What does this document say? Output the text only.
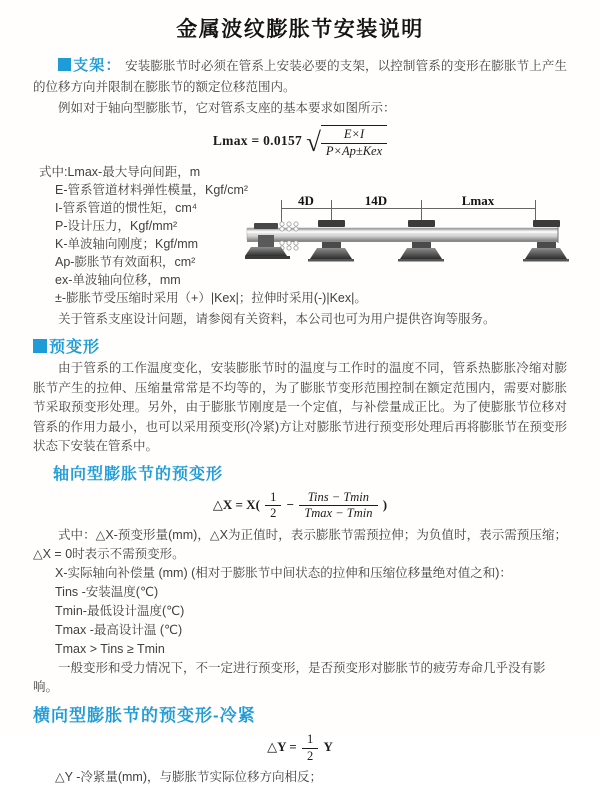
金属波纹膨胀节安装说明

支架： 安装膨胀节时必须在管系上安装必要的支架，以控制管系的变形在膨胀节上产生的位移方向并限制在膨胀节的额定位移范围内。

例如对于轴向型膨胀节，它对管系支座的基本要求如图所示：

Lmax = 0.0157 √ $\frac{E\times I}{\text{P×Ap±Kex}}$
式中:Lmax-最大导向间距，m
E-管系管道材料弹性模量，Kgf/cm²
I-管系管道的惯性矩，cm⁴
P-设计压力，Kgf/mm²
K-单波轴向刚度；Kgf/mm
Ap-膨胀节有效面积，cm²
ex-单波轴向位移，mm
±-膨胀节受压缩时采用（+）|Kex|；拉伸时采用(-)|Kex|。

关于管系支座设计问题，请参阅有关资料，本公司也可为用户提供咨询等服务。

4D	14D	Lmax
预变形

由于管系的工作温度变化，安装膨胀节时的温度与工作时的温度不同，管系热膨胀冷缩对膨胀节产生的拉伸、压缩量常常是不均等的，为了膨胀节变形范围控制在额定范围内，需要对膨胀节采取预变形处理。另外，由于膨胀节刚度是一个定值，与补偿量成正比。为了使膨胀节位移对管系的作用力最小，也可以采用预变形(冷紧)方让对膨胀节进行预变形处理后再将膨胀节在预变形状态下安装在管系中。

轴向型膨胀节的预变形
△X = $X( \frac{1}{2} - \frac{\text{Tins − Tmin}}{Tmax - Tmin}$ )

式中：△X-预变形量(mm)，△X为正值时，表示膨胀节需预拉伸；为负值时，表示需预压缩；△X = 0时表示不需预变形。

X-实际轴向补偿量 (mm) (相对于膨胀节中间状态的拉伸和压缩位移量绝对值之和)：

Tins -安装温度(℃)
Tmin-最低设计温度(℃)
Tmax -最高设计温 (℃)
Tmax > Tins ≥ Tmin
一般变形和受力情况下，不一定进行预变形，是否预变形对膨胀节的疲劳寿命几乎没有影响。
横向型膨胀节的预变形-冷紧
△Y = $\frac{1}{2}$ Y

△Y -冷紧量(mm)，与膨胀节实际位移方向相反；
